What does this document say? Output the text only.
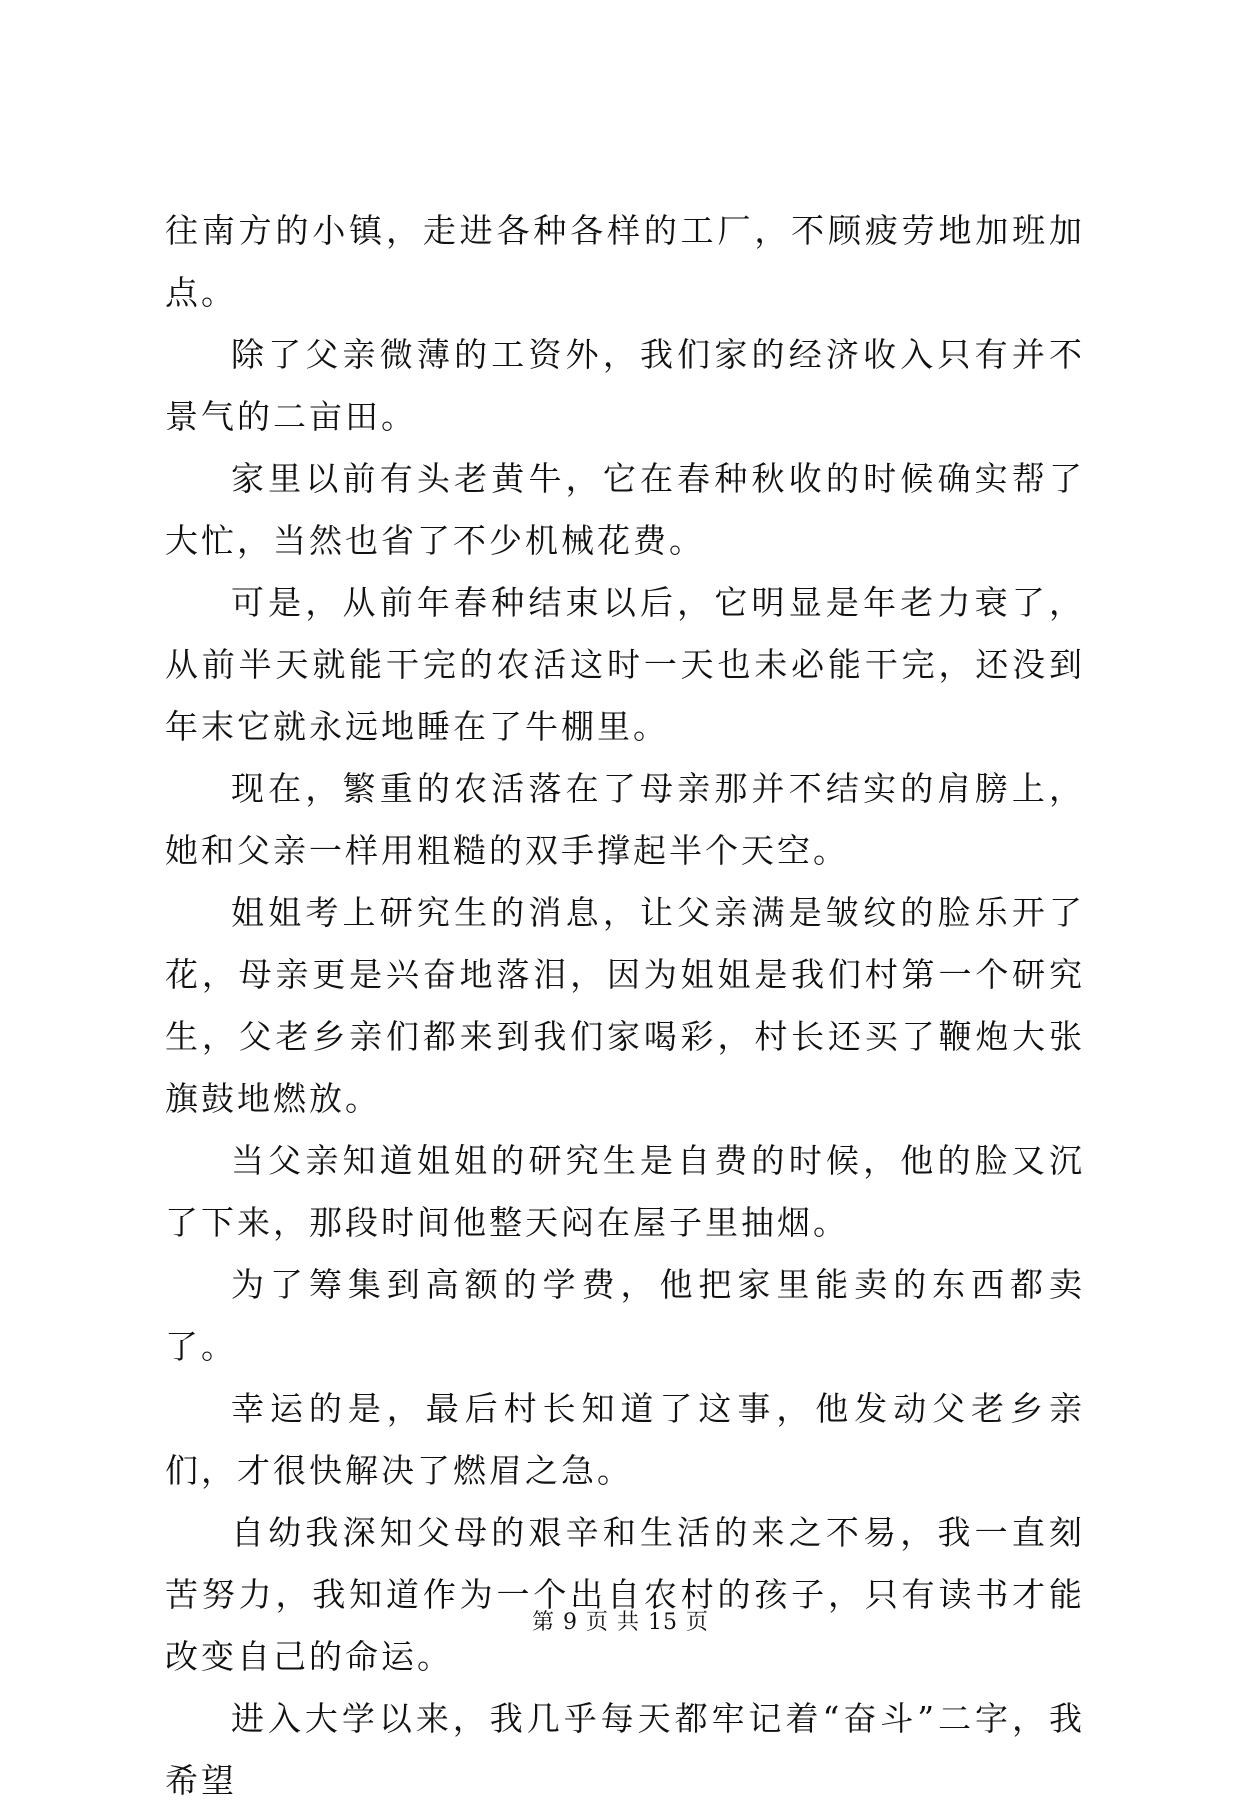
往南方的小镇，走进各种各样的工厂，不顾疲劳地加班加点。

除了父亲微薄的工资外，我们家的经济收入只有并不景气的二亩田。

家里以前有头老黄牛，它在春种秋收的时候确实帮了大忙，当然也省了不少机械花费。

可是，从前年春种结束以后，它明显是年老力衰了，从前半天就能干完的农活这时一天也未必能干完，还没到年末它就永远地睡在了牛棚里。

现在，繁重的农活落在了母亲那并不结实的肩膀上，她和父亲一样用粗糙的双手撑起半个天空。

姐姐考上研究生的消息，让父亲满是皱纹的脸乐开了花，母亲更是兴奋地落泪，因为姐姐是我们村第一个研究生，父老乡亲们都来到我们家喝彩，村长还买了鞭炮大张旗鼓地燃放。

当父亲知道姐姐的研究生是自费的时候，他的脸又沉了下来，那段时间他整天闷在屋子里抽烟。

为了筹集到高额的学费，他把家里能卖的东西都卖了。

幸运的是，最后村长知道了这事，他发动父老乡亲们，才很快解决了燃眉之急。

自幼我深知父母的艰辛和生活的来之不易，我一直刻苦努力，我知道作为一个出自农村的孩子，只有读书才能改变自己的命运。

进入大学以来，我几乎每天都牢记着“奋斗”二字，我希望

第 9 页 共 15 页
